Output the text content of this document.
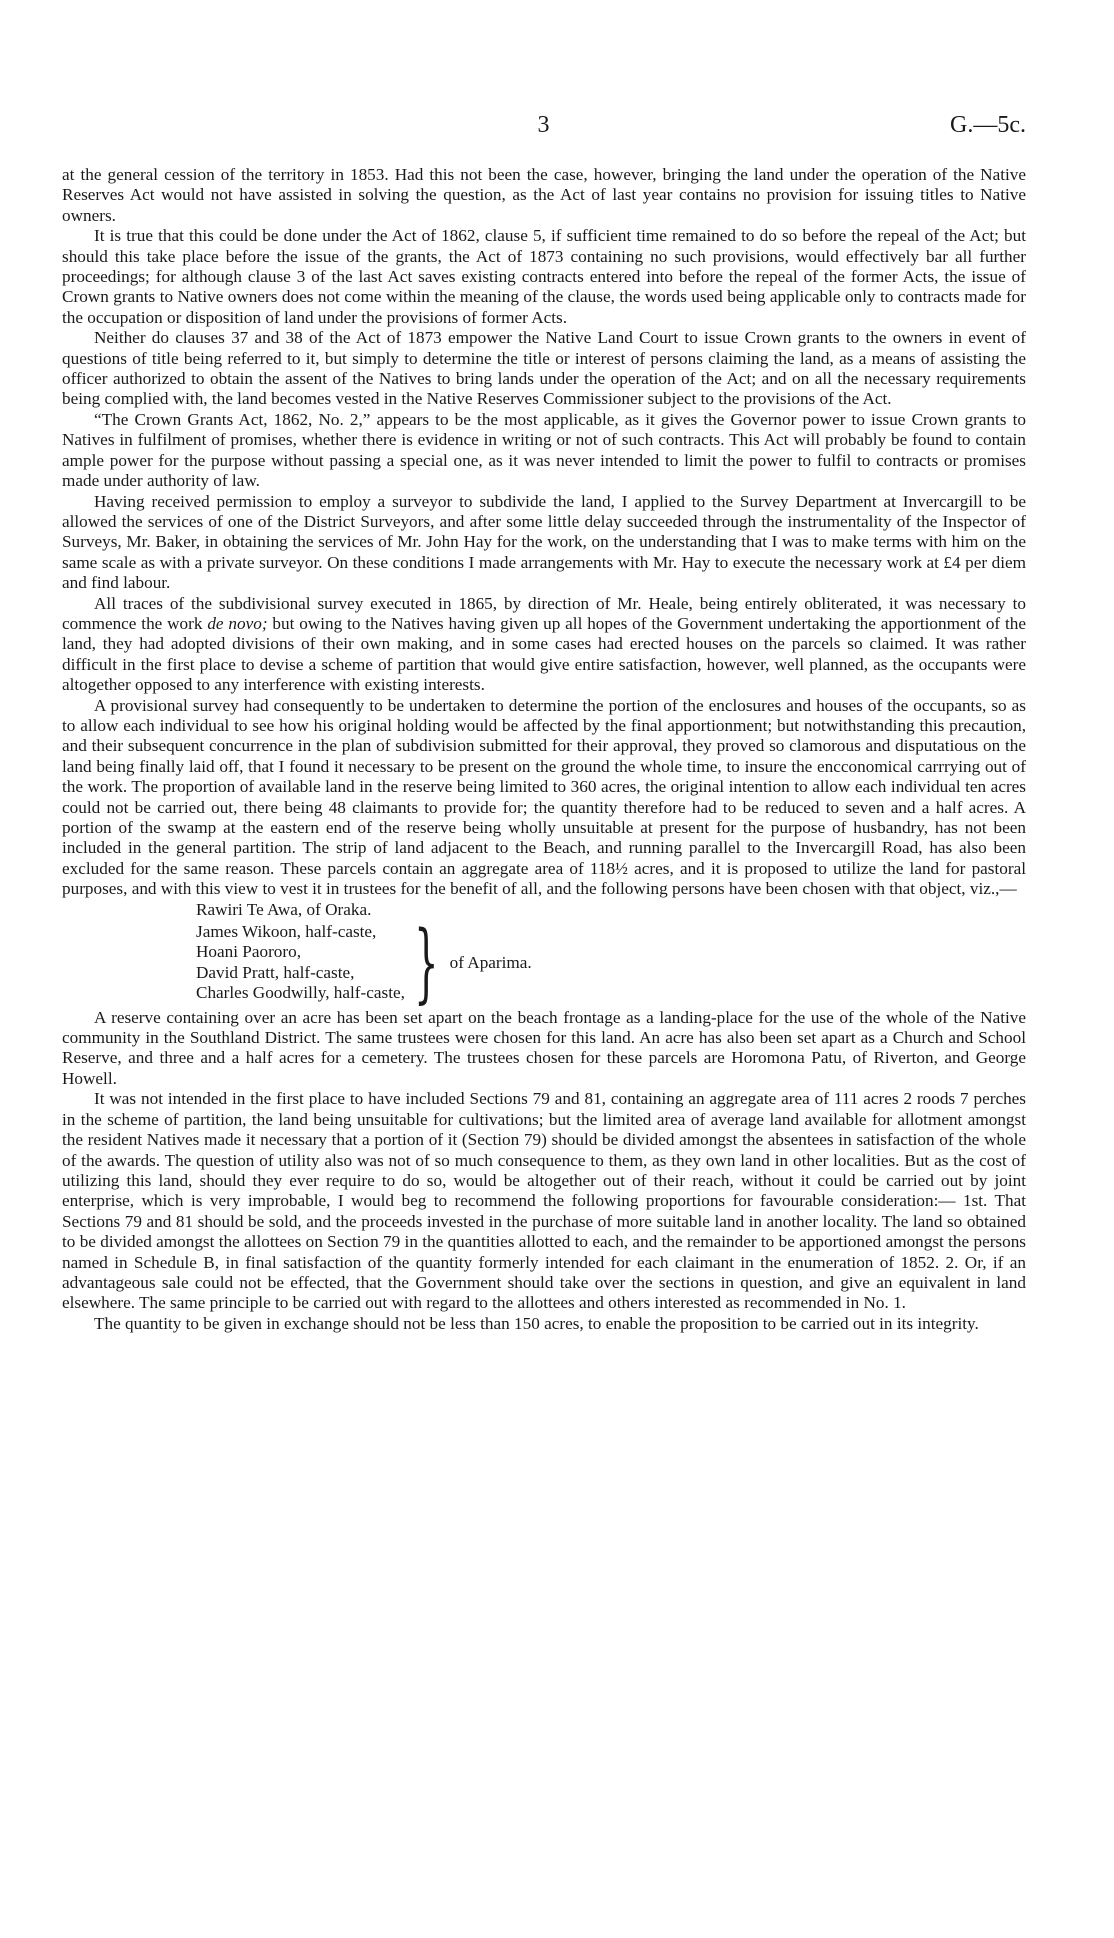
3	G.—5c.

at the general cession of the territory in 1853. Had this not been the case, however, bringing the land under the operation of the Native Reserves Act would not have assisted in solving the question, as the Act of last year contains no provision for issuing titles to Native owners.

It is true that this could be done under the Act of 1862, clause 5, if sufficient time remained to do so before the repeal of the Act; but should this take place before the issue of the grants, the Act of 1873 containing no such provisions, would effectively bar all further proceedings; for although clause 3 of the last Act saves existing contracts entered into before the repeal of the former Acts, the issue of Crown grants to Native owners does not come within the meaning of the clause, the words used being applicable only to contracts made for the occupation or disposition of land under the provisions of former Acts.

Neither do clauses 37 and 38 of the Act of 1873 empower the Native Land Court to issue Crown grants to the owners in event of questions of title being referred to it, but simply to determine the title or interest of persons claiming the land, as a means of assisting the officer authorized to obtain the assent of the Natives to bring lands under the operation of the Act; and on all the necessary requirements being complied with, the land becomes vested in the Native Reserves Commissioner subject to the provisions of the Act.

“The Crown Grants Act, 1862, No. 2,” appears to be the most applicable, as it gives the Governor power to issue Crown grants to Natives in fulfilment of promises, whether there is evidence in writing or not of such contracts. This Act will probably be found to contain ample power for the purpose without passing a special one, as it was never intended to limit the power to fulfil to contracts or promises made under authority of law.

Having received permission to employ a surveyor to subdivide the land, I applied to the Survey Department at Invercargill to be allowed the services of one of the District Surveyors, and after some little delay succeeded through the instrumentality of the Inspector of Surveys, Mr. Baker, in obtaining the services of Mr. John Hay for the work, on the understanding that I was to make terms with him on the same scale as with a private surveyor. On these conditions I made arrangements with Mr. Hay to execute the necessary work at £4 per diem and find labour.

All traces of the subdivisional survey executed in 1865, by direction of Mr. Heale, being entirely obliterated, it was necessary to commence the work de novo; but owing to the Natives having given up all hopes of the Government undertaking the apportionment of the land, they had adopted divisions of their own making, and in some cases had erected houses on the parcels so claimed. It was rather difficult in the first place to devise a scheme of partition that would give entire satisfaction, however, well planned, as the occupants were altogether opposed to any interference with existing interests.

A provisional survey had consequently to be undertaken to determine the portion of the enclosures and houses of the occupants, so as to allow each individual to see how his original holding would be affected by the final apportionment; but notwithstanding this precaution, and their subsequent concurrence in the plan of subdivision submitted for their approval, they proved so clamorous and disputatious on the land being finally laid off, that I found it necessary to be present on the ground the whole time, to insure the encconomical carrrying out of the work. The proportion of available land in the reserve being limited to 360 acres, the original intention to allow each individual ten acres could not be carried out, there being 48 claimants to provide for; the quantity therefore had to be reduced to seven and a half acres. A portion of the swamp at the eastern end of the reserve being wholly unsuitable at present for the purpose of husbandry, has not been included in the general partition. The strip of land adjacent to the Beach, and running parallel to the Invercargill Road, has also been excluded for the same reason. These parcels contain an aggregate area of 118½ acres, and it is proposed to utilize the land for pastoral purposes, and with this view to vest it in trustees for the benefit of all, and the following persons have been chosen with that object, viz.,—

Rawiri Te Awa, of Oraka.
James Wikoon, half-caste,
Hoani Paororo,
David Pratt, half-caste,
Charles Goodwilly, half-caste, } of Aparima.

A reserve containing over an acre has been set apart on the beach frontage as a landing-place for the use of the whole of the Native community in the Southland District. The same trustees were chosen for this land. An acre has also been set apart as a Church and School Reserve, and three and a half acres for a cemetery. The trustees chosen for these parcels are Horomona Patu, of Riverton, and George Howell.

It was not intended in the first place to have included Sections 79 and 81, containing an aggregate area of 111 acres 2 roods 7 perches in the scheme of partition, the land being unsuitable for cultivations; but the limited area of average land available for allotment amongst the resident Natives made it necessary that a portion of it (Section 79) should be divided amongst the absentees in satisfaction of the whole of the awards. The question of utility also was not of so much consequence to them, as they own land in other localities. But as the cost of utilizing this land, should they ever require to do so, would be altogether out of their reach, without it could be carried out by joint enterprise, which is very improbable, I would beg to recommend the following proportions for favourable consideration:— 1st. That Sections 79 and 81 should be sold, and the proceeds invested in the purchase of more suitable land in another locality. The land so obtained to be divided amongst the allottees on Section 79 in the quantities allotted to each, and the remainder to be apportioned amongst the persons named in Schedule B, in final satisfaction of the quantity formerly intended for each claimant in the enumeration of 1852. 2. Or, if an advantageous sale could not be effected, that the Government should take over the sections in question, and give an equivalent in land elsewhere. The same principle to be carried out with regard to the allottees and others interested as recommended in No. 1.

The quantity to be given in exchange should not be less than 150 acres, to enable the proposition to be carried out in its integrity.
